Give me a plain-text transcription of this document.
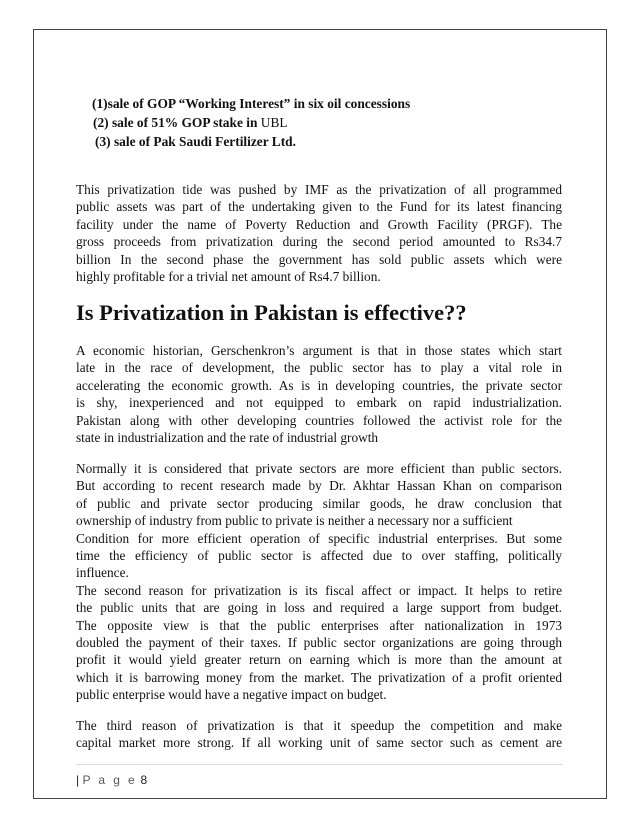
(1)sale of GOP “Working Interest” in six oil concessions
(2) sale of 51% GOP stake in UBL
(3) sale of Pak Saudi Fertilizer Ltd.

This privatization tide was pushed by IMF as the privatization of all programmed
public assets was part of the undertaking given to the Fund for its latest financing
facility under the name of Poverty Reduction and Growth Facility (PRGF). The
gross proceeds from privatization during the second period amounted to Rs34.7
billion In the second phase the government has sold public assets which were
highly profitable for a trivial net amount of Rs4.7 billion.

Is Privatization in Pakistan is effective??

A economic historian, Gerschenkron’s argument is that in those states which start
late in the race of development, the public sector has to play a vital role in
accelerating the economic growth. As is in developing countries, the private sector
is shy, inexperienced and not equipped to embark on rapid industrialization.
Pakistan along with other developing countries followed the activist role for the
state in industrialization and the rate of industrial growth

Normally it is considered that private sectors are more efficient than public sectors.
But according to recent research made by Dr. Akhtar Hassan Khan on comparison
of public and private sector producing similar goods, he draw conclusion that
ownership of industry from public to private is neither a necessary nor a sufficient
Condition for more efficient operation of specific industrial enterprises. But some
time the efficiency of public sector is affected due to over staffing, politically
influence.
The second reason for privatization is its fiscal affect or impact. It helps to retire
the public units that are going in loss and required a large support from budget.
The opposite view is that the public enterprises after nationalization in 1973
doubled the payment of their taxes. If public sector organizations are going through
profit it would yield greater return on earning which is more than the amount at
which it is barrowing money from the market. The privatization of a profit oriented
public enterprise would have a negative impact on budget.

The third reason of privatization is that it speedup the competition and make
capital market more strong. If all working unit of same sector such as cement are

| P a g e 8
